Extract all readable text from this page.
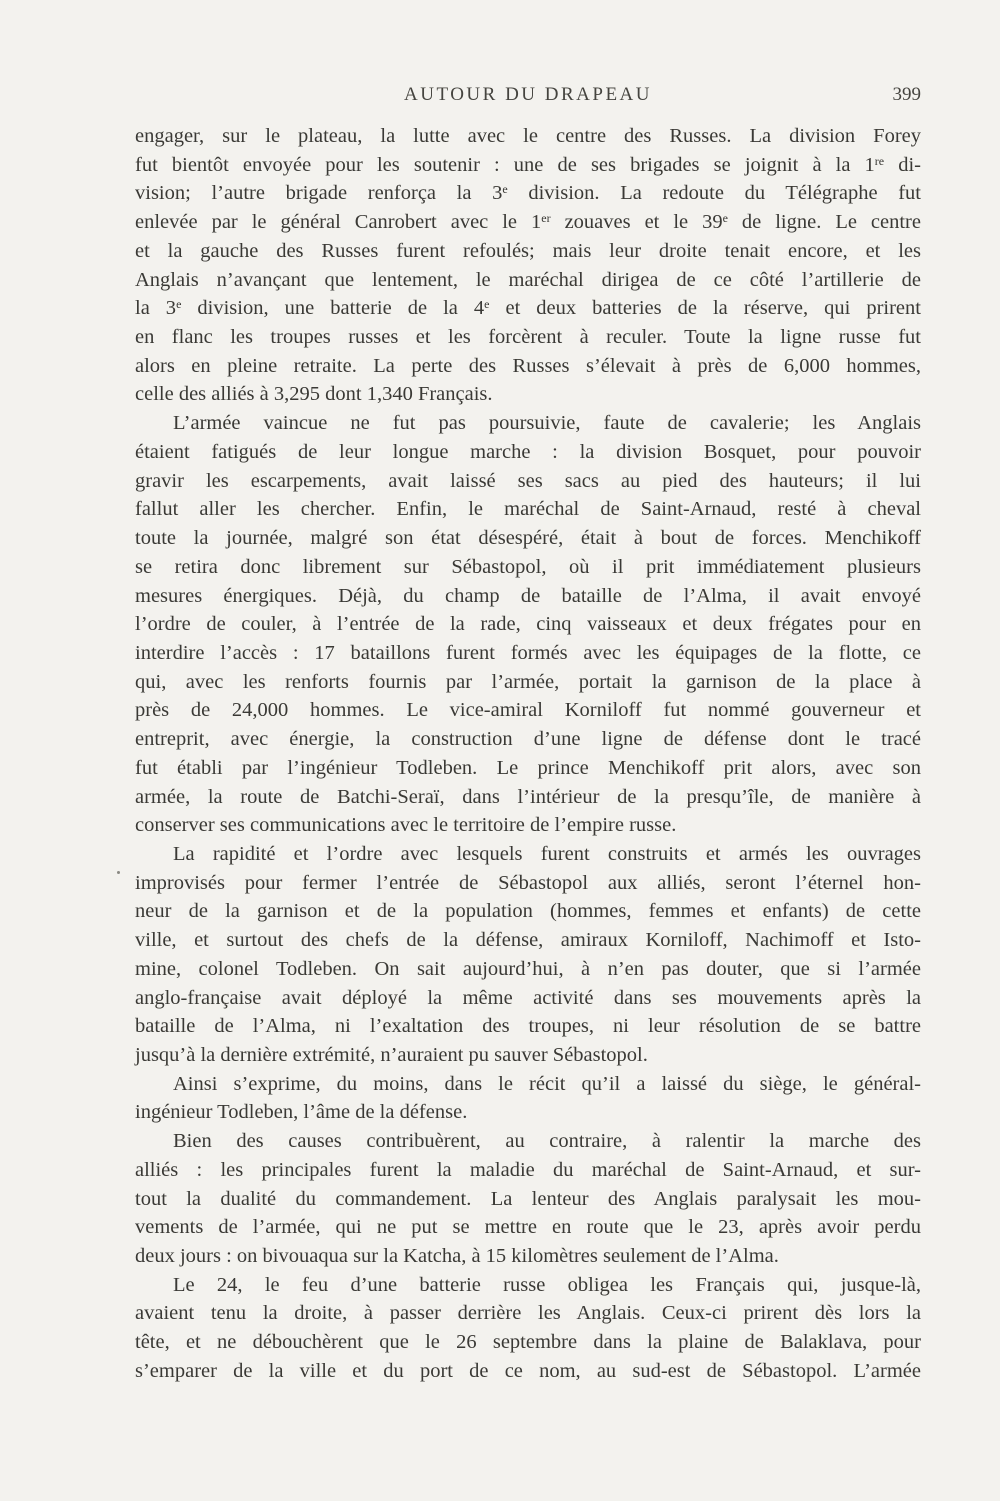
AUTOUR DU DRAPEAU	399
engager, sur le plateau, la lutte avec le centre des Russes. La division Forey
fut bientôt envoyée pour les soutenir : une de ses brigades se joignit à la 1re di-
vision; l’autre brigade renforça la 3e division. La redoute du Télégraphe fut
enlevée par le général Canrobert avec le 1er zouaves et le 39e de ligne. Le centre
et la gauche des Russes furent refoulés; mais leur droite tenait encore, et les
Anglais n’avançant que lentement, le maréchal dirigea de ce côté l’artillerie de
la 3e division, une batterie de la 4e et deux batteries de la réserve, qui prirent
en flanc les troupes russes et les forcèrent à reculer. Toute la ligne russe fut
alors en pleine retraite. La perte des Russes s’élevait à près de 6,000 hommes,
celle des alliés à 3,295 dont 1,340 Français.
L’armée vaincue ne fut pas poursuivie, faute de cavalerie; les Anglais
étaient fatigués de leur longue marche : la division Bosquet, pour pouvoir
gravir les escarpements, avait laissé ses sacs au pied des hauteurs; il lui
fallut aller les chercher. Enfin, le maréchal de Saint-Arnaud, resté à cheval
toute la journée, malgré son état désespéré, était à bout de forces. Menchikoff
se retira donc librement sur Sébastopol, où il prit immédiatement plusieurs
mesures énergiques. Déjà, du champ de bataille de l’Alma, il avait envoyé
l’ordre de couler, à l’entrée de la rade, cinq vaisseaux et deux frégates pour en
interdire l’accès : 17 bataillons furent formés avec les équipages de la flotte, ce
qui, avec les renforts fournis par l’armée, portait la garnison de la place à
près de 24,000 hommes. Le vice-amiral Korniloff fut nommé gouverneur et
entreprit, avec énergie, la construction d’une ligne de défense dont le tracé
fut établi par l’ingénieur Todleben. Le prince Menchikoff prit alors, avec son
armée, la route de Batchi-Seraï, dans l’intérieur de la presqu’île, de manière à
conserver ses communications avec le territoire de l’empire russe.
La rapidité et l’ordre avec lesquels furent construits et armés les ouvrages
improvisés pour fermer l’entrée de Sébastopol aux alliés, seront l’éternel hon-
neur de la garnison et de la population (hommes, femmes et enfants) de cette
ville, et surtout des chefs de la défense, amiraux Korniloff, Nachimoff et Isto-
mine, colonel Todleben. On sait aujourd’hui, à n’en pas douter, que si l’armée
anglo-française avait déployé la même activité dans ses mouvements après la
bataille de l’Alma, ni l’exaltation des troupes, ni leur résolution de se battre
jusqu’à la dernière extrémité, n’auraient pu sauver Sébastopol.
Ainsi s’exprime, du moins, dans le récit qu’il a laissé du siège, le général-
ingénieur Todleben, l’âme de la défense.
Bien des causes contribuèrent, au contraire, à ralentir la marche des
alliés : les principales furent la maladie du maréchal de Saint-Arnaud, et sur-
tout la dualité du commandement. La lenteur des Anglais paralysait les mou-
vements de l’armée, qui ne put se mettre en route que le 23, après avoir perdu
deux jours : on bivouaqua sur la Katcha, à 15 kilomètres seulement de l’Alma.
Le 24, le feu d’une batterie russe obligea les Français qui, jusque-là,
avaient tenu la droite, à passer derrière les Anglais. Ceux-ci prirent dès lors la
tête, et ne débouchèrent que le 26 septembre dans la plaine de Balaklava, pour
s’emparer de la ville et du port de ce nom, au sud-est de Sébastopol. L’armée
